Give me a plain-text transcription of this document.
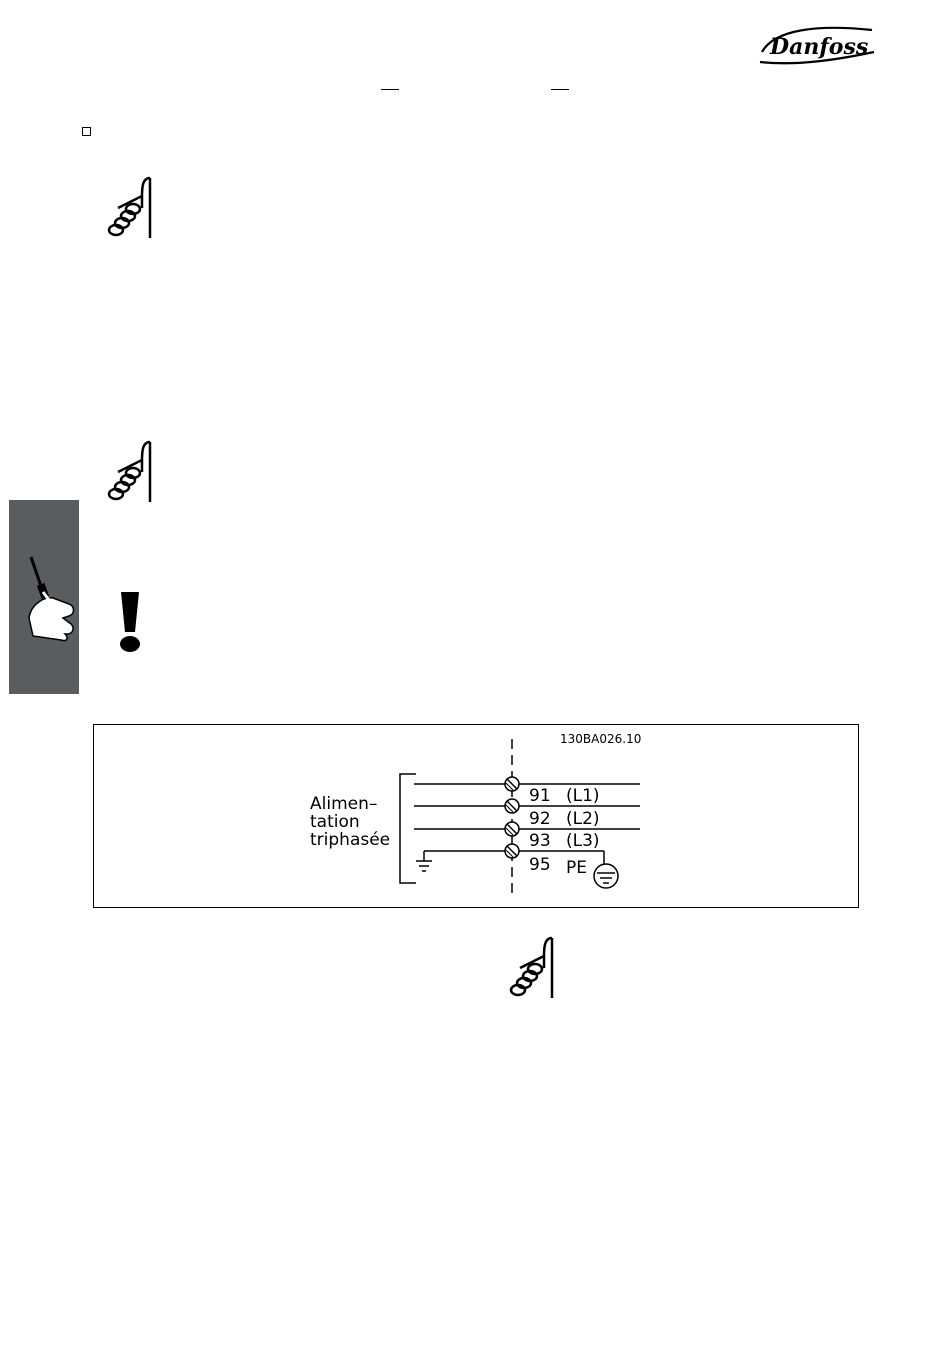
Danfoss
130BA026.10
Alimen–
tation
triphasée
91 (L1)
92 (L2)
93 (L3)
95 PE
